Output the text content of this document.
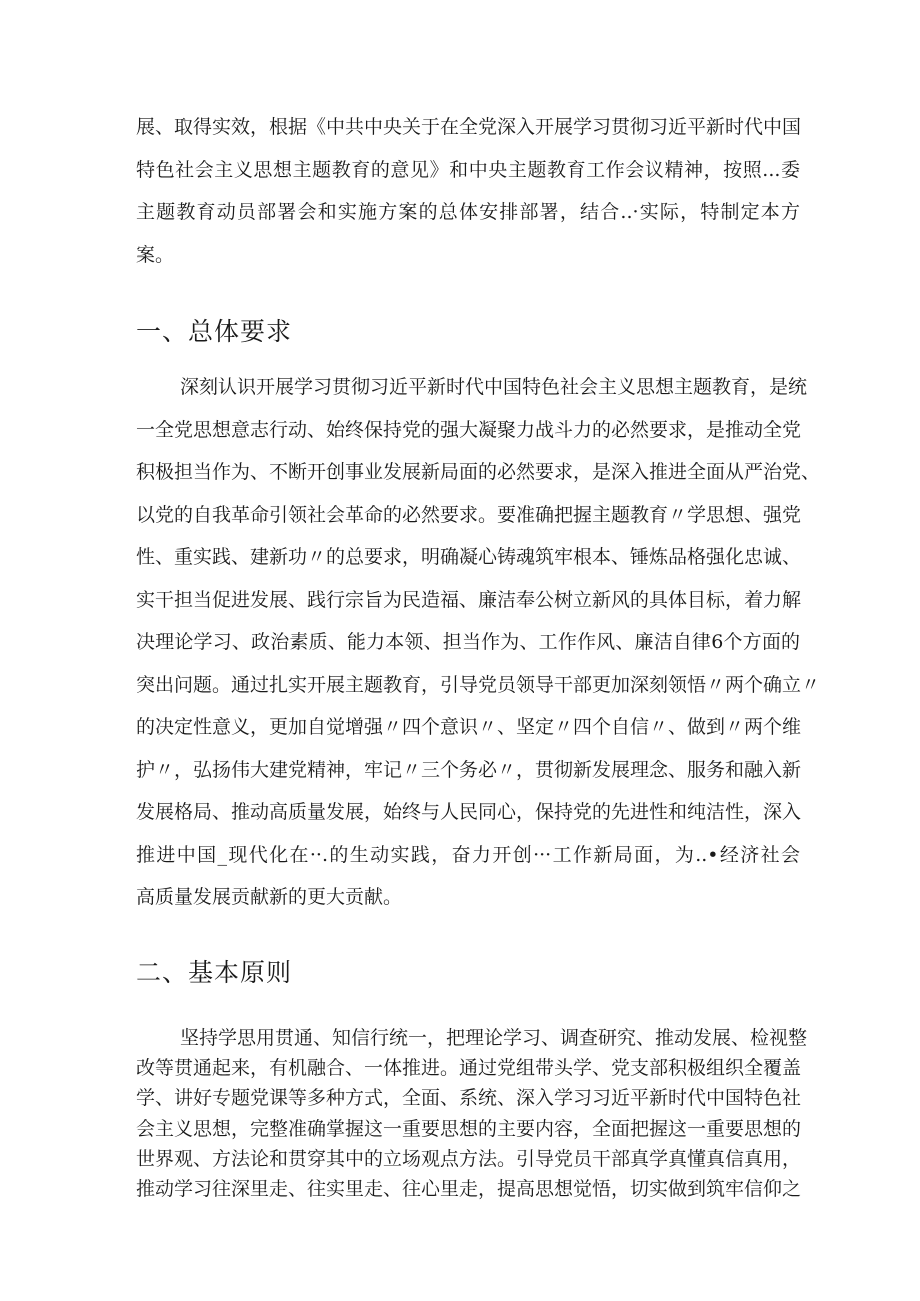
展、取得实效，根据《中共中央关于在全党深入开展学习贯彻习近平新时代中国
特色社会主义思想主题教育的意见》和中央主题教育工作会议精神，按照...委
主题教育动员部署会和实施方案的总体安排部署，结合..·实际，特制定本方
案。
一、总体要求
深刻认识开展学习贯彻习近平新时代中国特色社会主义思想主题教育，是统
一全党思想意志行动、始终保持党的强大凝聚力战斗力的必然要求，是推动全党
积极担当作为、不断开创事业发展新局面的必然要求，是深入推进全面从严治党、
以党的自我革命引领社会革命的必然要求。要准确把握主题教育〃学思想、强党
性、重实践、建新功〃的总要求，明确凝心铸魂筑牢根本、锤炼品格强化忠诚、
实干担当促进发展、践行宗旨为民造福、廉洁奉公树立新风的具体目标，着力解
决理论学习、政治素质、能力本领、担当作为、工作作风、廉洁自律6个方面的
突出问题。通过扎实开展主题教育，引导党员领导干部更加深刻领悟〃两个确立〃
的决定性意义，更加自觉增强〃四个意识〃、坚定〃四个自信〃、做到〃两个维
护〃，弘扬伟大建党精神，牢记〃三个务必〃，贯彻新发展理念、服务和融入新
发展格局、推动高质量发展，始终与人民同心，保持党的先进性和纯洁性，深入
推进中国_现代化在··.的生动实践，奋力开创···工作新局面，为..•经济社会
高质量发展贡献新的更大贡献。
二、基本原则
坚持学思用贯通、知信行统一，把理论学习、调查研究、推动发展、检视整
改等贯通起来，有机融合、一体推进。通过党组带头学、党支部积极组织全覆盖
学、讲好专题党课等多种方式，全面、系统、深入学习习近平新时代中国特色社
会主义思想，完整准确掌握这一重要思想的主要内容，全面把握这一重要思想的
世界观、方法论和贯穿其中的立场观点方法。引导党员干部真学真懂真信真用，
推动学习往深里走、往实里走、往心里走，提高思想觉悟，切实做到筑牢信仰之
